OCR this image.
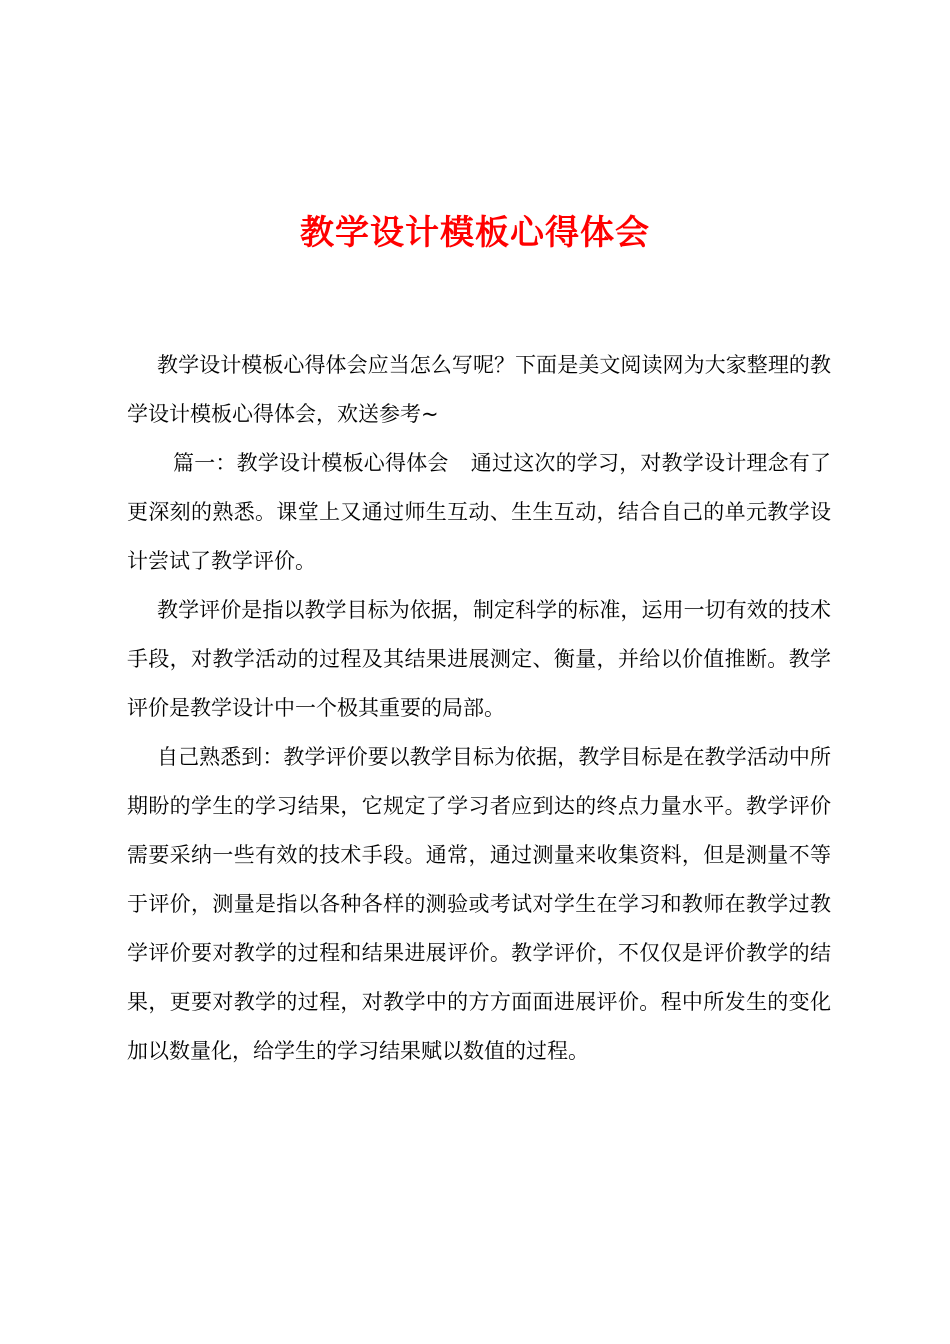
教学设计模板心得体会

教学设计模板心得体会应当怎么写呢？下面是美文阅读网为大家整理的教学设计模板心得体会，欢送参考~

篇一：教学设计模板心得体会 通过这次的学习，对教学设计理念有了更深刻的熟悉。课堂上又通过师生互动、生生互动，结合自己的单元教学设计尝试了教学评价。

教学评价是指以教学目标为依据，制定科学的标准，运用一切有效的技术手段，对教学活动的过程及其结果进展测定、衡量，并给以价值推断。教学评价是教学设计中一个极其重要的局部。

自己熟悉到：教学评价要以教学目标为依据，教学目标是在教学活动中所期盼的学生的学习结果，它规定了学习者应到达的终点力量水平。教学评价需要采纳一些有效的技术手段。通常，通过测量来收集资料，但是测量不等于评价，测量是指以各种各样的测验或考试对学生在学习和教师在教学过教学评价要对教学的过程和结果进展评价。教学评价，不仅仅是评价教学的结果，更要对教学的过程，对教学中的方方面面进展评价。程中所发生的变化加以数量化，给学生的学习结果赋以数值的过程。
